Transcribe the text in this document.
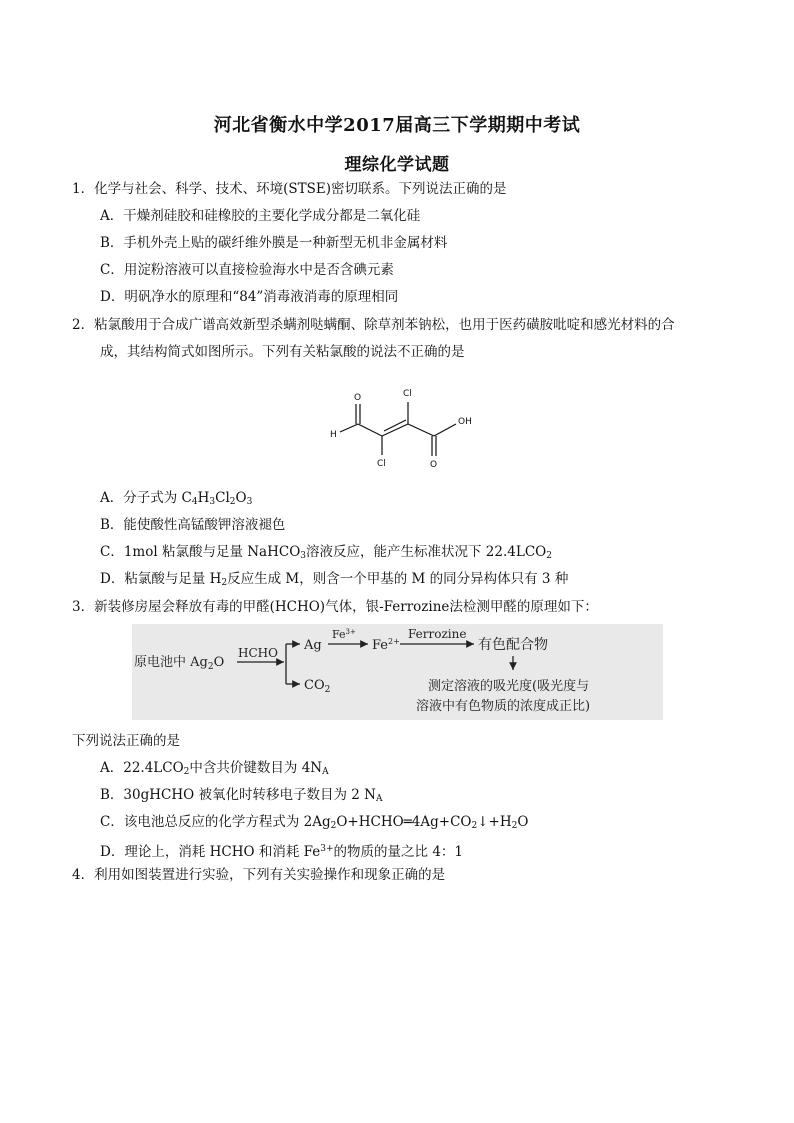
河北省衡水中学2017届高三下学期期中考试
理综化学试题
1．化学与社会、科学、技术、环境(STSE)密切联系。下列说法正确的是
A．干燥剂硅胶和硅橡胶的主要化学成分都是二氧化硅
B．手机外壳上贴的碳纤维外膜是一种新型无机非金属材料
C．用淀粉溶液可以直接检验海水中是否含碘元素
D．明矾净水的原理和“84”消毒液消毒的原理相同
2．粘氯酸用于合成广谱高效新型杀螨剂哒螨酮、除草剂苯钠松，也用于医药磺胺吡啶和感光材料的合
成，其结构简式如图所示。下列有关粘氯酸的说法不正确的是
O
H
Cl
Cl	O
OH
A．分子式为 $C_4H_3Cl_2O_3$
B．能使酸性高锰酸钾溶液褪色
C．1mol 粘氯酸与足量 NaHCO$_3$溶液反应，能产生标准状况下 $22.4LCO_2$
D．粘氯酸与足量 $H_2$反应生成 M，则含一个甲基的 M 的同分异构体只有 3 种
3．新装修房屋会释放有毒的甲醛(HCHO)气体，银-Ferrozine法检测甲醛的原理如下：
原电池中 $Ag_2O$
HCHO Ag
$CO_2$
$Fe^{3+}$
$Fe^{2+}$
Ferrozine
有色配合物
测定溶液的吸光度(吸光度与
溶液中有色物质的浓度成正比)
下列说法正确的是
A．$22.4LCO_2$中含共价键数目为 $4N_A$
B．30gHCHO 被氧化时转移电子数目为 2 $N_A$
C．该电池总反应的化学方程式为 $2Ag_2O+HCHO═4Ag+CO_2↓+H_2O$
D．理论上，消耗 HCHO 和消耗 $Fe^{3+}$的物质的量之比 4：1
4．利用如图装置进行实验，下列有关实验操作和现象正确的是
